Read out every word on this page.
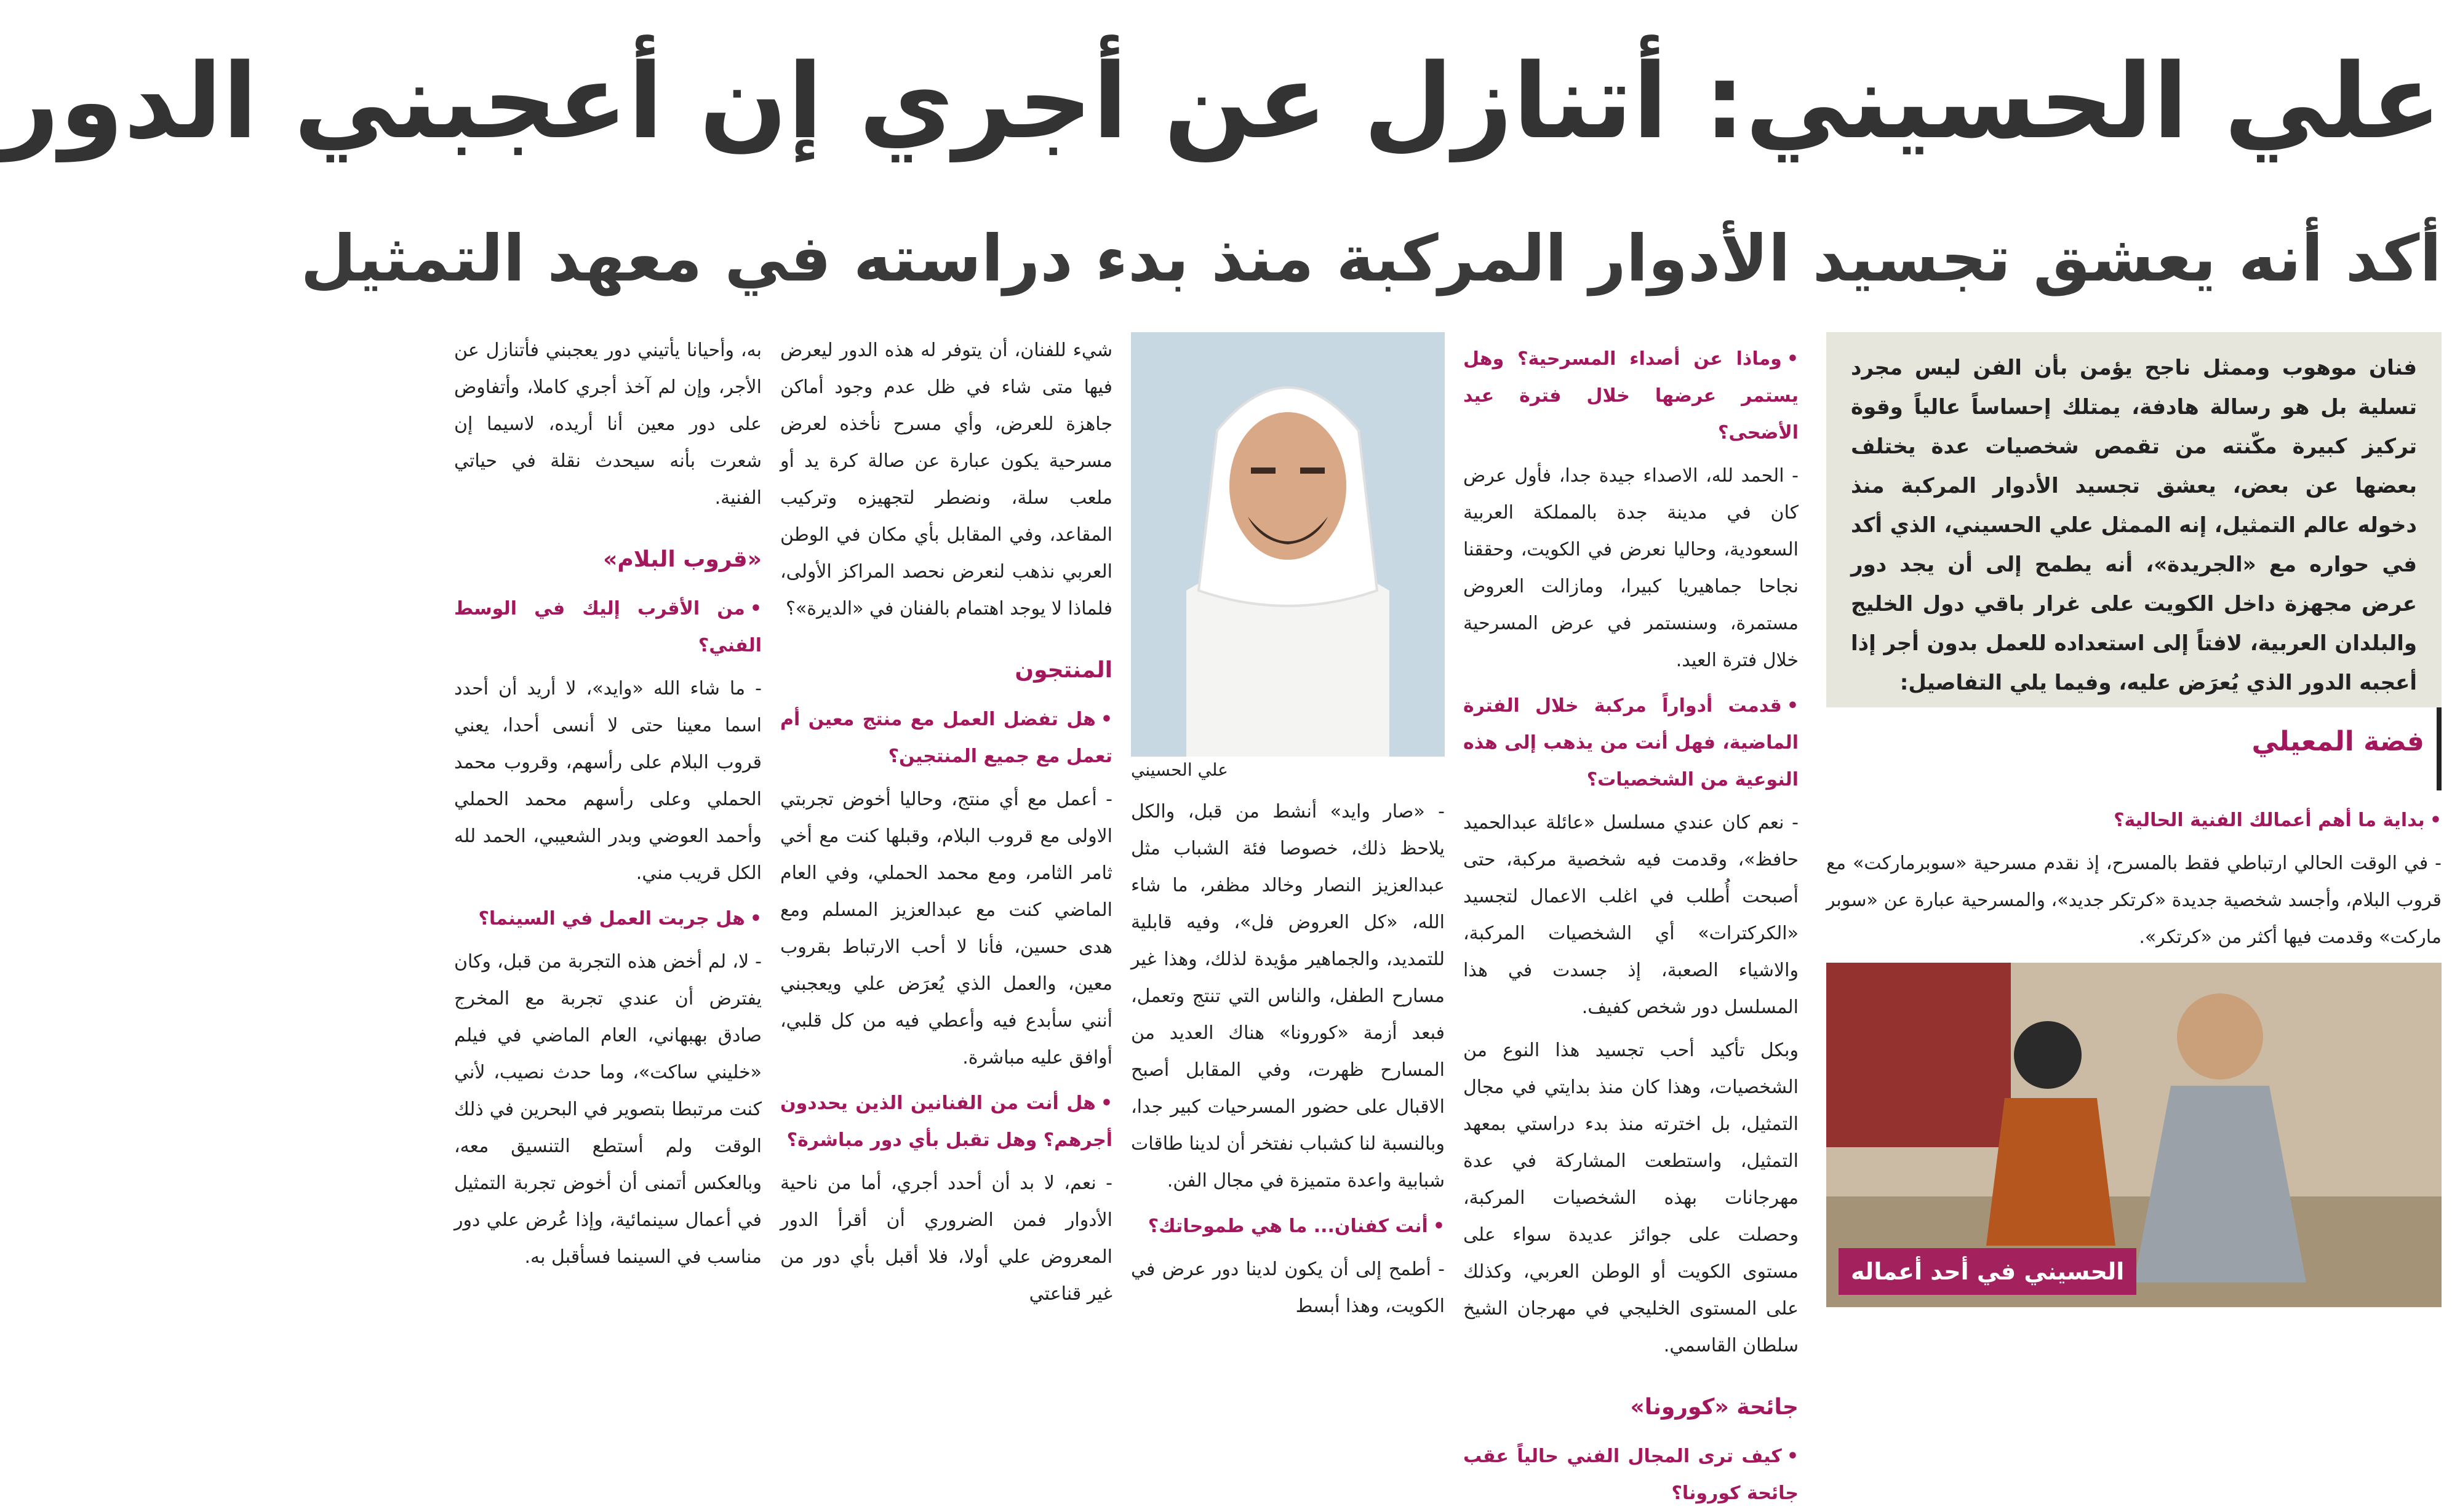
علي الحسيني: أتنازل عن أجري إن أعجبني الدور
أكد أنه يعشق تجسيد الأدوار المركبة منذ بدء دراسته في معهد التمثيل
فنان موهوب وممثل ناجح يؤمن بأن الفن ليس مجرد تسلية بل هو رسالة هادفة، يمتلك إحساساً عالياً وقوة تركيز كبيرة مكّنته من تقمص شخصيات عدة يختلف بعضها عن بعض، يعشق تجسيد الأدوار المركبة منذ دخوله عالم التمثيل، إنه الممثل علي الحسيني، الذي أكد في حواره مع «الجريدة»، أنه يطمح إلى أن يجد دور عرض مجهزة داخل الكويت على غرار باقي دول الخليج والبلدان العربية، لافتاً إلى استعداده للعمل بدون أجر إذا أعجبه الدور الذي يُعرَض عليه، وفيما يلي التفاصيل:
فضة المعيلي

•بداية ما أهم أعمالك الفنية الحالية؟

- في الوقت الحالي ارتباطي فقط بالمسرح، إذ نقدم مسرحية «سوبرماركت» مع قروب البلام، وأجسد شخصية جديدة «كرتكر جديد»، والمسرحية عبارة عن «سوبر ماركت» وقدمت فيها أكثر من «كرتكر».

الحسيني في أحد أعماله

•وماذا عن أصداء المسرحية؟ وهل يستمر عرضها خلال فترة عيد الأضحى؟

- الحمد لله، الاصداء جيدة جدا، فأول عرض كان في مدينة جدة بالمملكة العربية السعودية، وحاليا نعرض في الكويت، وحققنا نجاحا جماهيريا كبيرا، ومازالت العروض مستمرة، وسنستمر في عرض المسرحية خلال فترة العيد.

•قدمت أدواراً مركبة خلال الفترة الماضية، فهل أنت من يذهب إلى هذه النوعية من الشخصيات؟

- نعم كان عندي مسلسل «عائلة عبدالحميد حافظ»، وقدمت فيه شخصية مركبة، حتى أصبحت أُطلب في اغلب الاعمال لتجسيد «الكركترات» أي الشخصيات المركبة، والاشياء الصعبة، إذ جسدت في هذا المسلسل دور شخص كفيف.

وبكل تأكيد أحب تجسيد هذا النوع من الشخصيات، وهذا كان منذ بدايتي في مجال التمثيل، بل اخترته منذ بدء دراستي بمعهد التمثيل، واستطعت المشاركة في عدة مهرجانات بهذه الشخصيات المركبة، وحصلت على جوائز عديدة سواء على مستوى الكويت أو الوطن العربي، وكذلك على المستوى الخليجي في مهرجان الشيخ سلطان القاسمي.

جائحة «كورونا»

•كيف ترى المجال الفني حالياً عقب جائحة كورونا؟

علي الحسيني

- «صار وايد» أنشط من قبل، والكل يلاحظ ذلك، خصوصا فئة الشباب مثل عبدالعزيز النصار وخالد مظفر، ما شاء الله، «كل العروض فل»، وفيه قابلية للتمديد، والجماهير مؤيدة لذلك، وهذا غير مسارح الطفل، والناس التي تنتج وتعمل، فبعد أزمة «كورونا» هناك العديد من المسارح ظهرت، وفي المقابل أصبح الاقبال على حضور المسرحيات كبير جدا، وبالنسبة لنا كشباب نفتخر أن لدينا طاقات شبابية واعدة متميزة في مجال الفن.

•أنت كفنان... ما هي طموحاتك؟

- أطمح إلى أن يكون لدينا دور عرض في الكويت، وهذا أبسط

شيء للفنان، أن يتوفر له هذه الدور ليعرض فيها متى شاء في ظل عدم وجود أماكن جاهزة للعرض، وأي مسرح نأخذه لعرض مسرحية يكون عبارة عن صالة كرة يد أو ملعب سلة، ونضطر لتجهيزه وتركيب المقاعد، وفي المقابل بأي مكان في الوطن العربي نذهب لنعرض نحصد المراكز الأولى، فلماذا لا يوجد اهتمام بالفنان في «الديرة»؟

المنتجون

•هل تفضل العمل مع منتج معين أم تعمل مع جميع المنتجين؟

- أعمل مع أي منتج، وحاليا أخوض تجربتي الاولى مع قروب البلام، وقبلها كنت مع أخي ثامر الثامر، ومع محمد الحملي، وفي العام الماضي كنت مع عبدالعزيز المسلم ومع هدى حسين، فأنا لا أحب الارتباط بقروب معين، والعمل الذي يُعرَض علي ويعجبني أنني سأبدع فيه وأعطي فيه من كل قلبي، أوافق عليه مباشرة.

•هل أنت من الفنانين الذين يحددون أجرهم؟ وهل تقبل بأي دور مباشرة؟

- نعم، لا بد أن أحدد أجري، أما من ناحية الأدوار فمن الضروري أن أقرأ الدور المعروض علي أولا، فلا أقبل بأي دور من غير قناعتي

به، وأحيانا يأتيني دور يعجبني فأتنازل عن الأجر، وإن لم آخذ أجري كاملا، وأتفاوض على دور معين أنا أريده، لاسيما إن شعرت بأنه سيحدث نقلة في حياتي الفنية.

«قروب البلام»

•من الأقرب إليك في الوسط الفني؟

- ما شاء الله «وايد»، لا أريد أن أحدد اسما معينا حتى لا أنسى أحدا، يعني قروب البلام على رأسهم، وقروب محمد الحملي وعلى رأسهم محمد الحملي وأحمد العوضي وبدر الشعيبي، الحمد لله الكل قريب مني.

•هل جربت العمل في السينما؟

- لا، لم أخض هذه التجربة من قبل، وكان يفترض أن عندي تجربة مع المخرج صادق بهبهاني، العام الماضي في فيلم «خليني ساكت»، وما حدث نصيب، لأني كنت مرتبطا بتصوير في البحرين في ذلك الوقت ولم أستطع التنسيق معه، وبالعكس أتمنى أن أخوض تجربة التمثيل في أعمال سينمائية، وإذا عُرض علي دور مناسب في السينما فسأقبل به.
